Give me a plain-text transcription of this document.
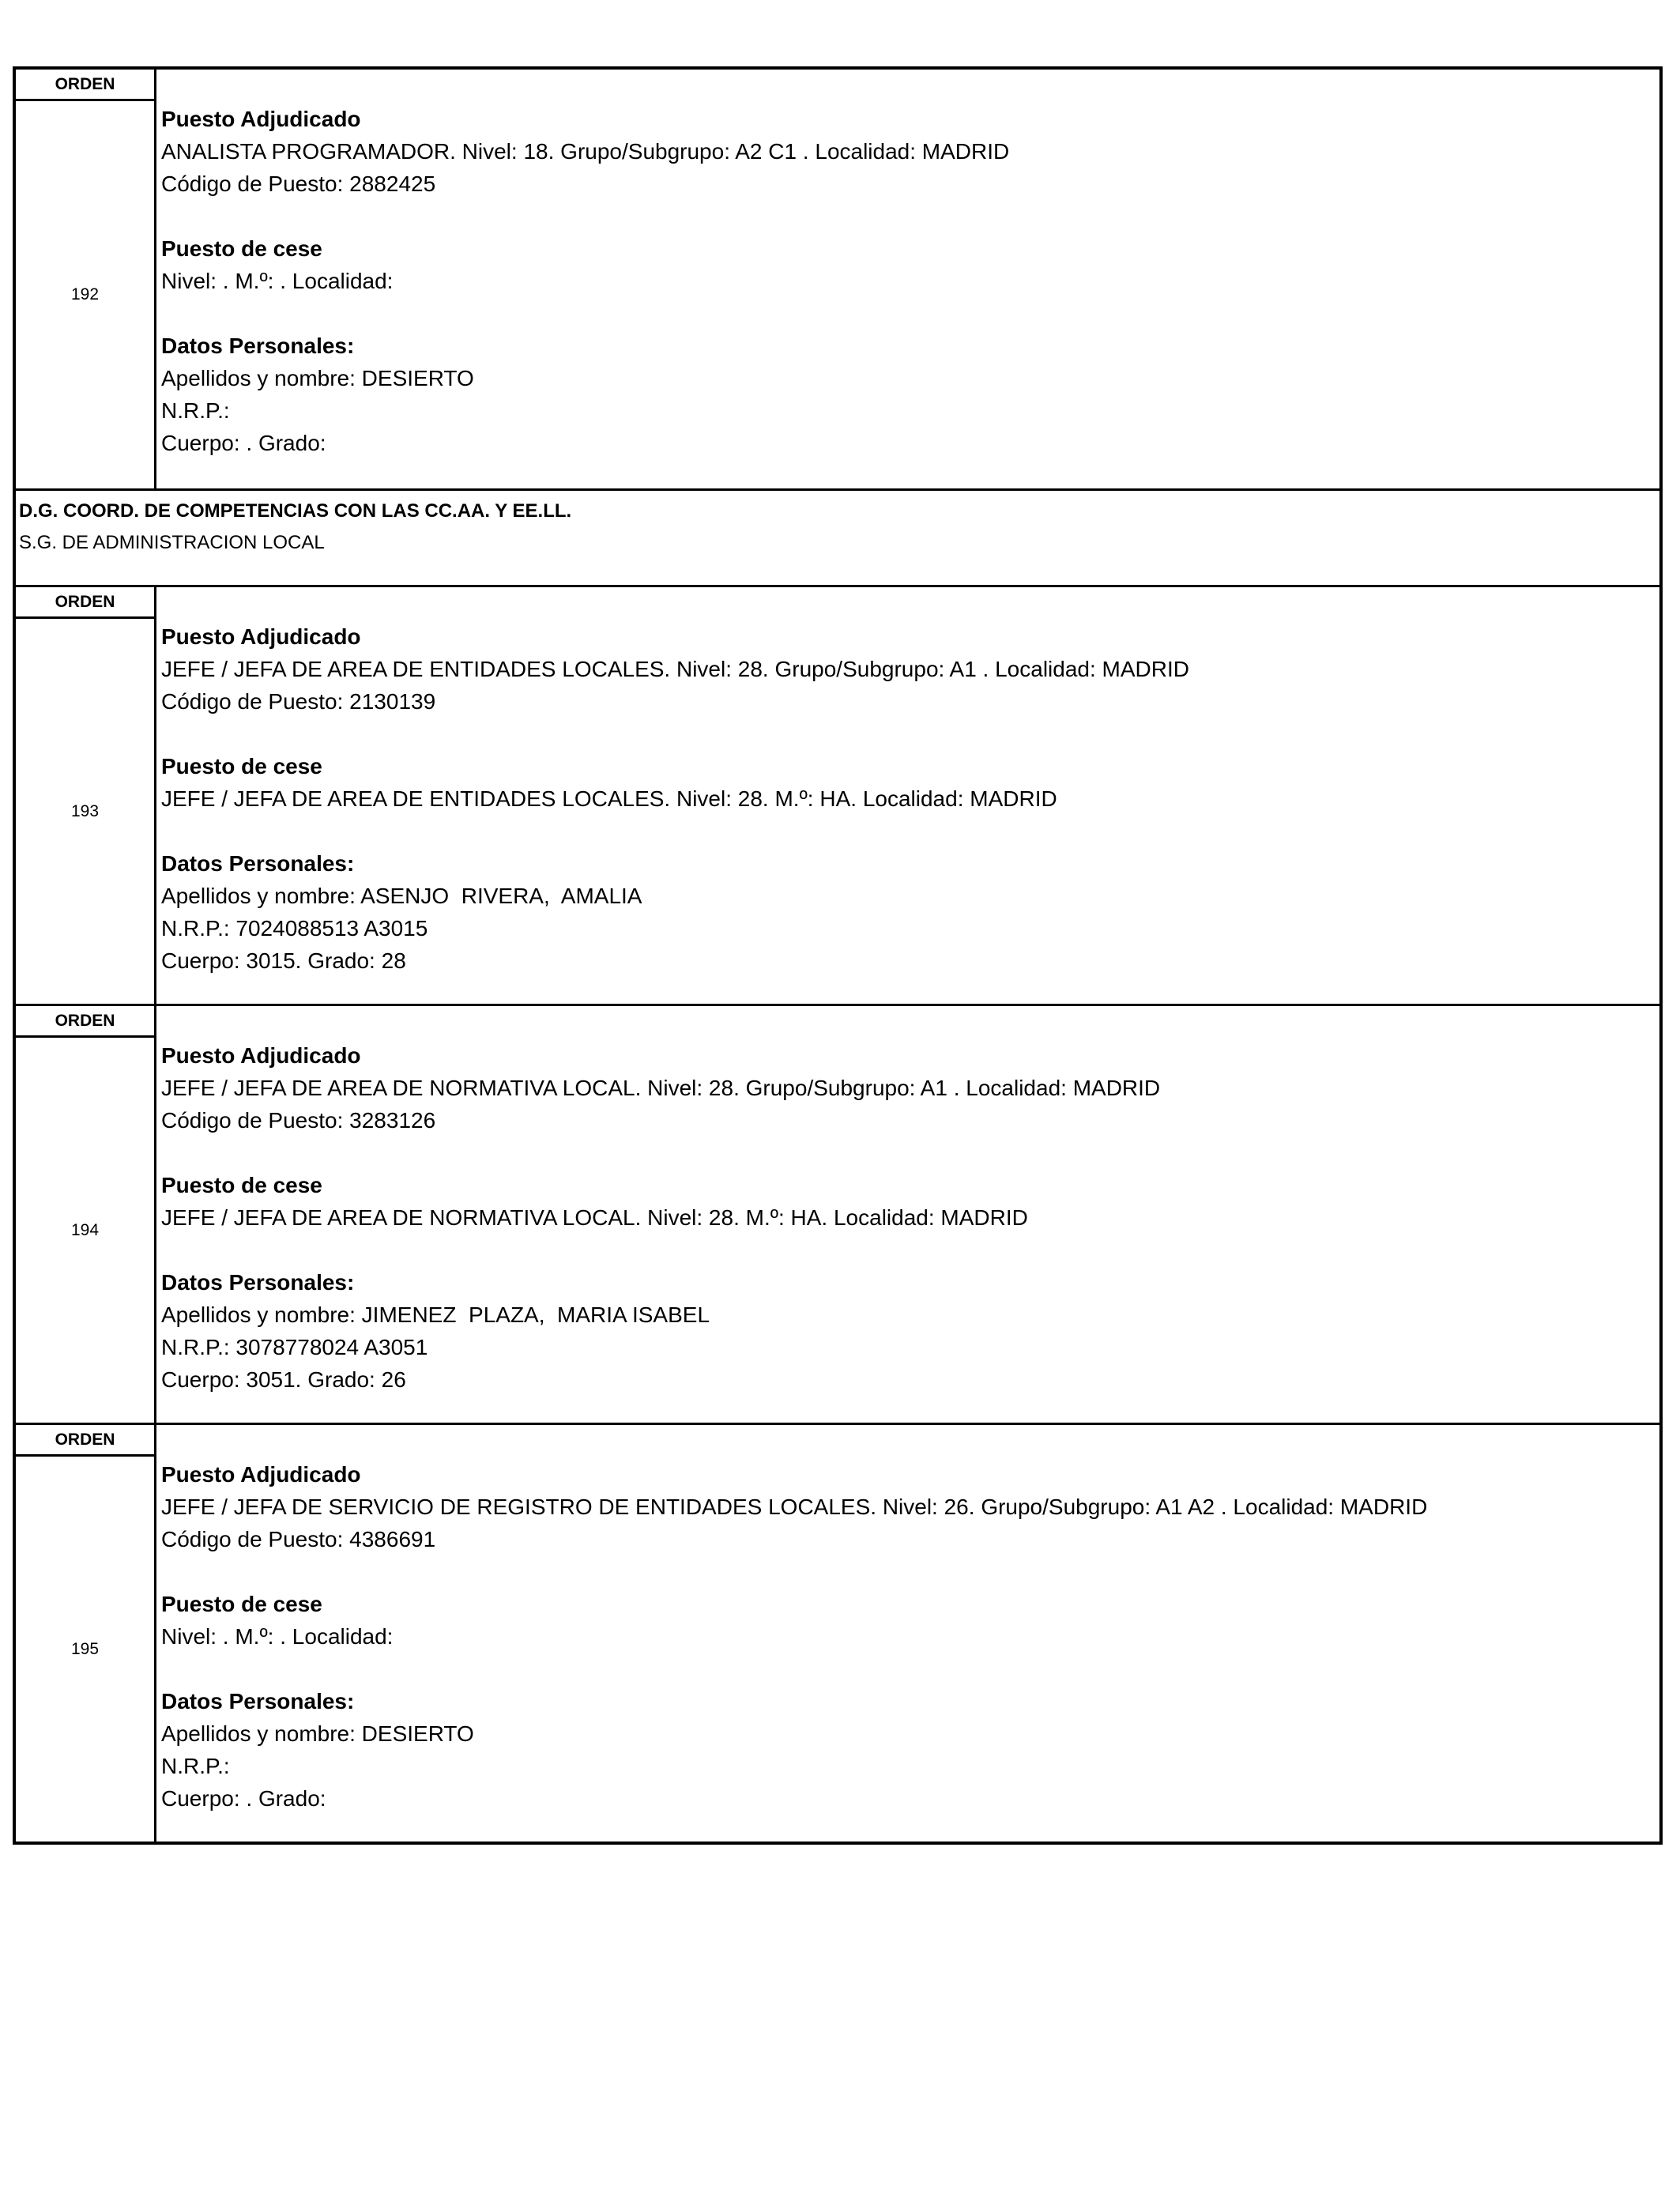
ORDEN
192
Puesto Adjudicado
ANALISTA PROGRAMADOR. Nivel: 18. Grupo/Subgrupo: A2 C1 . Localidad: MADRID
Código de Puesto: 2882425
Puesto de cese
Nivel: . M.º: . Localidad:
Datos Personales:
Apellidos y nombre: DESIERTO
N.R.P.:
Cuerpo: . Grado:
D.G. COORD. DE COMPETENCIAS CON LAS CC.AA. Y EE.LL.
S.G. DE ADMINISTRACION LOCAL
ORDEN
193
Puesto Adjudicado
JEFE / JEFA DE AREA DE ENTIDADES LOCALES. Nivel: 28. Grupo/Subgrupo: A1 . Localidad: MADRID
Código de Puesto: 2130139
Puesto de cese
JEFE / JEFA DE AREA DE ENTIDADES LOCALES. Nivel: 28. M.º: HA. Localidad: MADRID
Datos Personales:
Apellidos y nombre: ASENJO  RIVERA,  AMALIA
N.R.P.: 7024088513 A3015
Cuerpo: 3015. Grado: 28
ORDEN
194
Puesto Adjudicado
JEFE / JEFA DE AREA DE NORMATIVA LOCAL. Nivel: 28. Grupo/Subgrupo: A1 . Localidad: MADRID
Código de Puesto: 3283126
Puesto de cese
JEFE / JEFA DE AREA DE NORMATIVA LOCAL. Nivel: 28. M.º: HA. Localidad: MADRID
Datos Personales:
Apellidos y nombre: JIMENEZ  PLAZA,  MARIA ISABEL
N.R.P.: 3078778024 A3051
Cuerpo: 3051. Grado: 26
ORDEN
195
Puesto Adjudicado
JEFE / JEFA DE SERVICIO DE REGISTRO DE ENTIDADES LOCALES. Nivel: 26. Grupo/Subgrupo: A1 A2 . Localidad: MADRID
Código de Puesto: 4386691
Puesto de cese
Nivel: . M.º: . Localidad:
Datos Personales:
Apellidos y nombre: DESIERTO
N.R.P.:
Cuerpo: . Grado:
